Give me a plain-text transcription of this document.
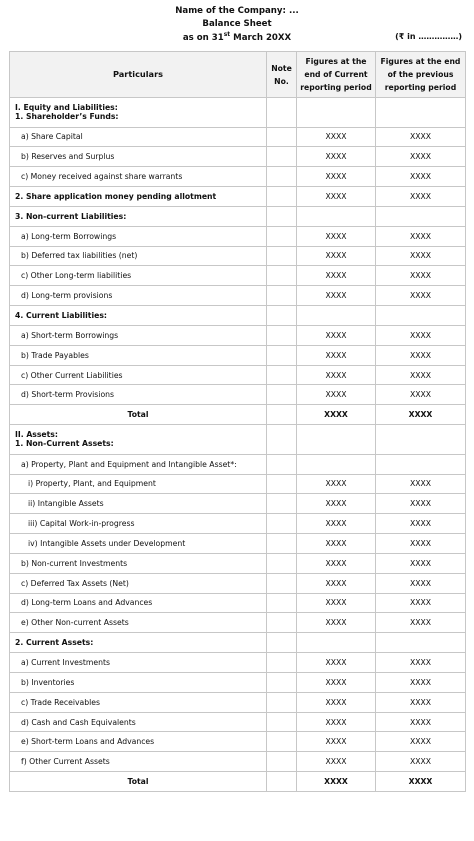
Name of the Company: ...
Balance Sheet
as on 31st March 20XX	(₹ in ……………)
Particulars	Note No.	Figures at the end of Current reporting period	Figures at the end of the previous reporting period

I. Equity and Liabilities:
1. Shareholder’s Funds:			

a) Share Capital		XXXX	XXXX
b) Reserves and Surplus		XXXX	XXXX
c) Money received against share warrants		XXXX	XXXX
2. Share application money pending allotment		XXXX	XXXX
3. Non-current Liabilities:			
a) Long-term Borrowings		XXXX	XXXX
b) Deferred tax liabilities (net)		XXXX	XXXX
c) Other Long-term liabilities		XXXX	XXXX
d) Long-term provisions		XXXX	XXXX
4. Current Liabilities:			
a) Short-term Borrowings		XXXX	XXXX
b) Trade Payables		XXXX	XXXX
c) Other Current Liabilities		XXXX	XXXX
d) Short-term Provisions		XXXX	XXXX
Total		XXXX	XXXX

II. Assets:
1. Non-Current Assets:			

a) Property, Plant and Equipment and Intangible Asset*:			
i) Property, Plant, and Equipment		XXXX	XXXX
ii) Intangible Assets		XXXX	XXXX
iii) Capital Work-in-progress		XXXX	XXXX
iv) Intangible Assets under Development		XXXX	XXXX
b) Non-current Investments		XXXX	XXXX
c) Deferred Tax Assets (Net)		XXXX	XXXX
d) Long-term Loans and Advances		XXXX	XXXX
e) Other Non-current Assets		XXXX	XXXX
2. Current Assets:			
a) Current Investments		XXXX	XXXX
b) Inventories		XXXX	XXXX
c) Trade Receivables		XXXX	XXXX
d) Cash and Cash Equivalents		XXXX	XXXX
e) Short-term Loans and Advances		XXXX	XXXX
f) Other Current Assets		XXXX	XXXX
Total		XXXX	XXXX
